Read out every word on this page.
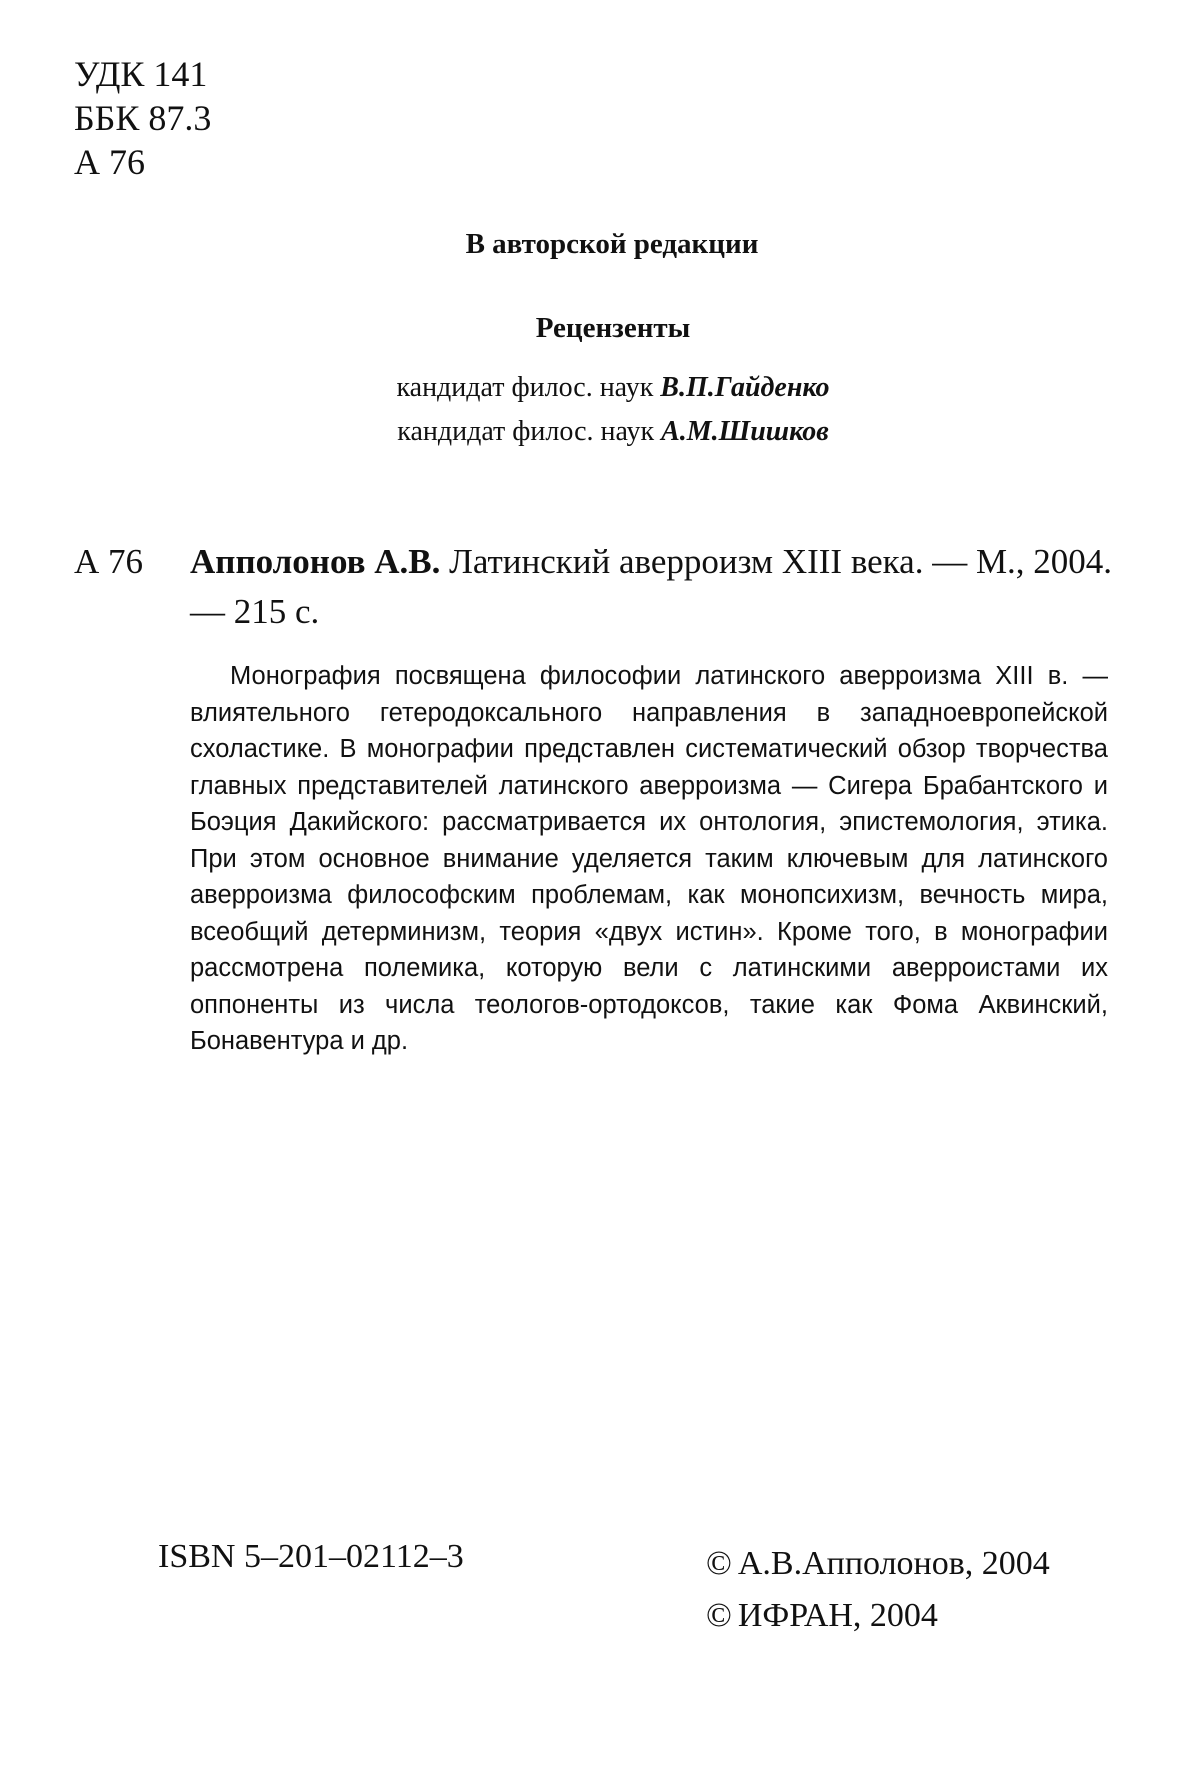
УДК 141
ББК 87.3
А 76
В авторской редакции
Рецензенты
кандидат филос. наук В.П.Гайденко
кандидат филос. наук А.М.Шишков
А 76 Апполонов А.В. Латинский аверроизм XIII века. — М., 2004. — 215 с.
Монография посвящена философии латинского аверроизма XIII в. — влиятельного гетеродоксального направления в западноевропейской схоластике. В монографии представлен систематический обзор творчества главных представителей латинского аверроизма — Сигера Брабантского и Боэция Дакийского: рассматривается их онтология, эпистемология, этика. При этом основное внимание уделяется таким ключевым для латинского аверроизма философским проблемам, как монопсихизм, вечность мира, всеобщий детерминизм, теория «двух истин». Кроме того, в монографии рассмотрена полемика, которую вели с латинскими аверроистами их оппоненты из числа теологов-ортодоксов, такие как Фома Аквинский, Бонавентура и др.
ISBN 5–201–02112–3	© А.В.Апполонов, 2004
© ИФРАН, 2004
